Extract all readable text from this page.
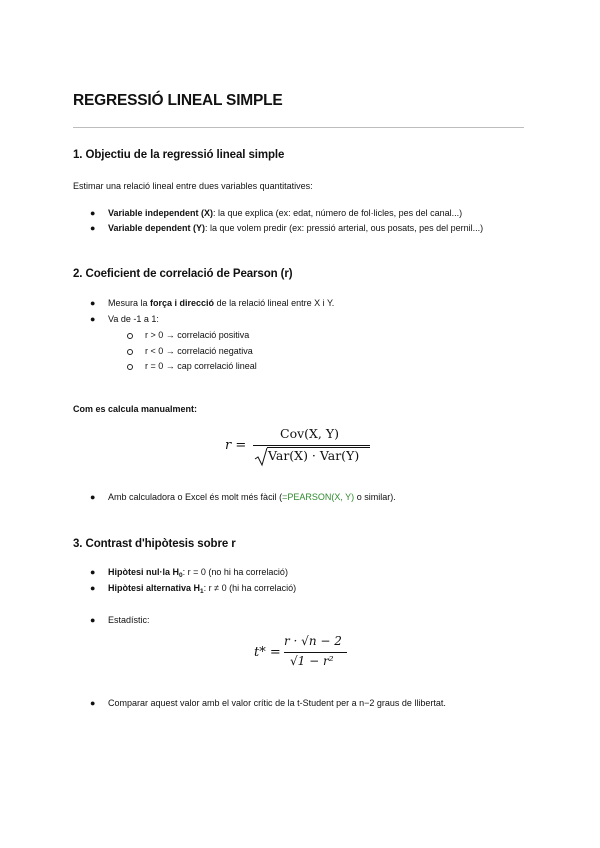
REGRESSIÓ LINEAL SIMPLE
1. Objectiu de la regressió lineal simple
Estimar una relació lineal entre dues variables quantitatives:
● Variable independent (X): la que explica (ex: edat, número de fol·licles, pes del canal...)
● Variable dependent (Y): la que volem predir (ex: pressió arterial, ous posats, pes del pernil...)
2. Coeficient de correlació de Pearson (r)
● Mesura la força i direcció de la relació lineal entre X i Y.
● Va de -1 a 1:
r > 0 → correlació positiva
r < 0 → correlació negativa
r = 0 → cap correlació lineal
Com es calcula manualment:
r =
Cov(X, Y)
Var(X) · Var(Y)
● Amb calculadora o Excel és molt més fàcil (=PEARSON(X, Y) o similar).
3. Contrast d'hipòtesis sobre r
● Hipòtesi nul·la $H_0$: r = 0 (no hi ha correlació)
● Hipòtesi alternativa $H_1$: r ≠ 0 (hi ha correlació)
● Estadístic:
t* =
r · √n − 2
√1 − r²
● Comparar aquest valor amb el valor crític de la t-Student per a n−2 graus de llibertat.
